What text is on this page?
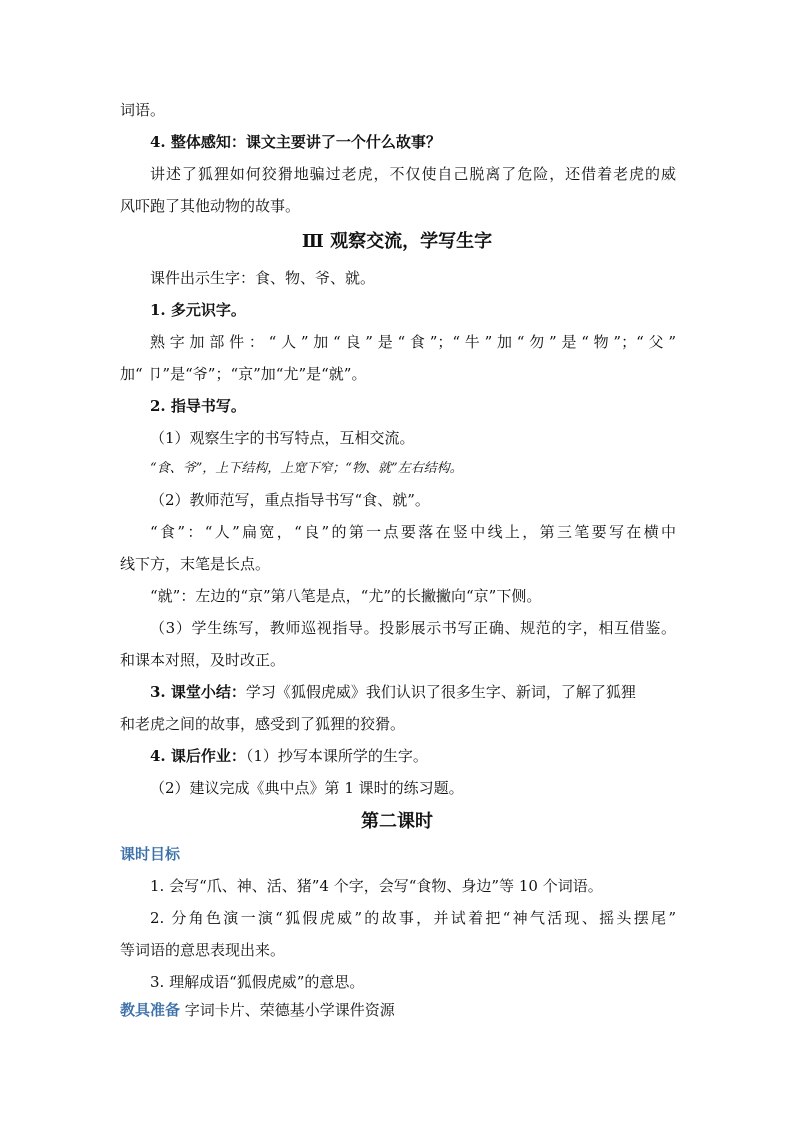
词语。
4. 整体感知：课文主要讲了一个什么故事？
讲述了狐狸如何狡猾地骗过老虎，不仅使自己脱离了危险，还借着老虎的威
风吓跑了其他动物的故事。
Ⅲ 观察交流，学写生字
课件出示生字：食、物、爷、就。
1. 多元识字。
熟字加部件：“人”加“良”是“食”；“牛”加“勿”是“物”；“父”
加“ 卩”是“爷”；“京”加“尤”是“就”。
2. 指导书写。
（1）观察生字的书写特点，互相交流。
“食、爷”，上下结构，上宽下窄；“物、就”左右结构。
（2）教师范写，重点指导书写“食、就”。
“食”：“人”扁宽，“良”的第一点要落在竖中线上，第三笔要写在横中
线下方，末笔是长点。
“就”：左边的“京”第八笔是点，“尤”的长撇撇向“京”下侧。
（3）学生练写，教师巡视指导。投影展示书写正确、规范的字，相互借鉴。
和课本对照，及时改正。
3. 课堂小结：学习《狐假虎威》我们认识了很多生字、新词，了解了狐狸
和老虎之间的故事，感受到了狐狸的狡猾。
4. 课后作业：（1）抄写本课所学的生字。
（2）建议完成《典中点》第 1 课时的练习题。
第二课时
课时目标
1. 会写“爪、神、活、猪”4 个字，会写“食物、身边”等 10 个词语。
2. 分角色演一演“狐假虎威”的故事，并试着把“神气活现、摇头摆尾”
等词语的意思表现出来。
3. 理解成语“狐假虎威”的意思。
教具准备 字词卡片、荣德基小学课件资源
